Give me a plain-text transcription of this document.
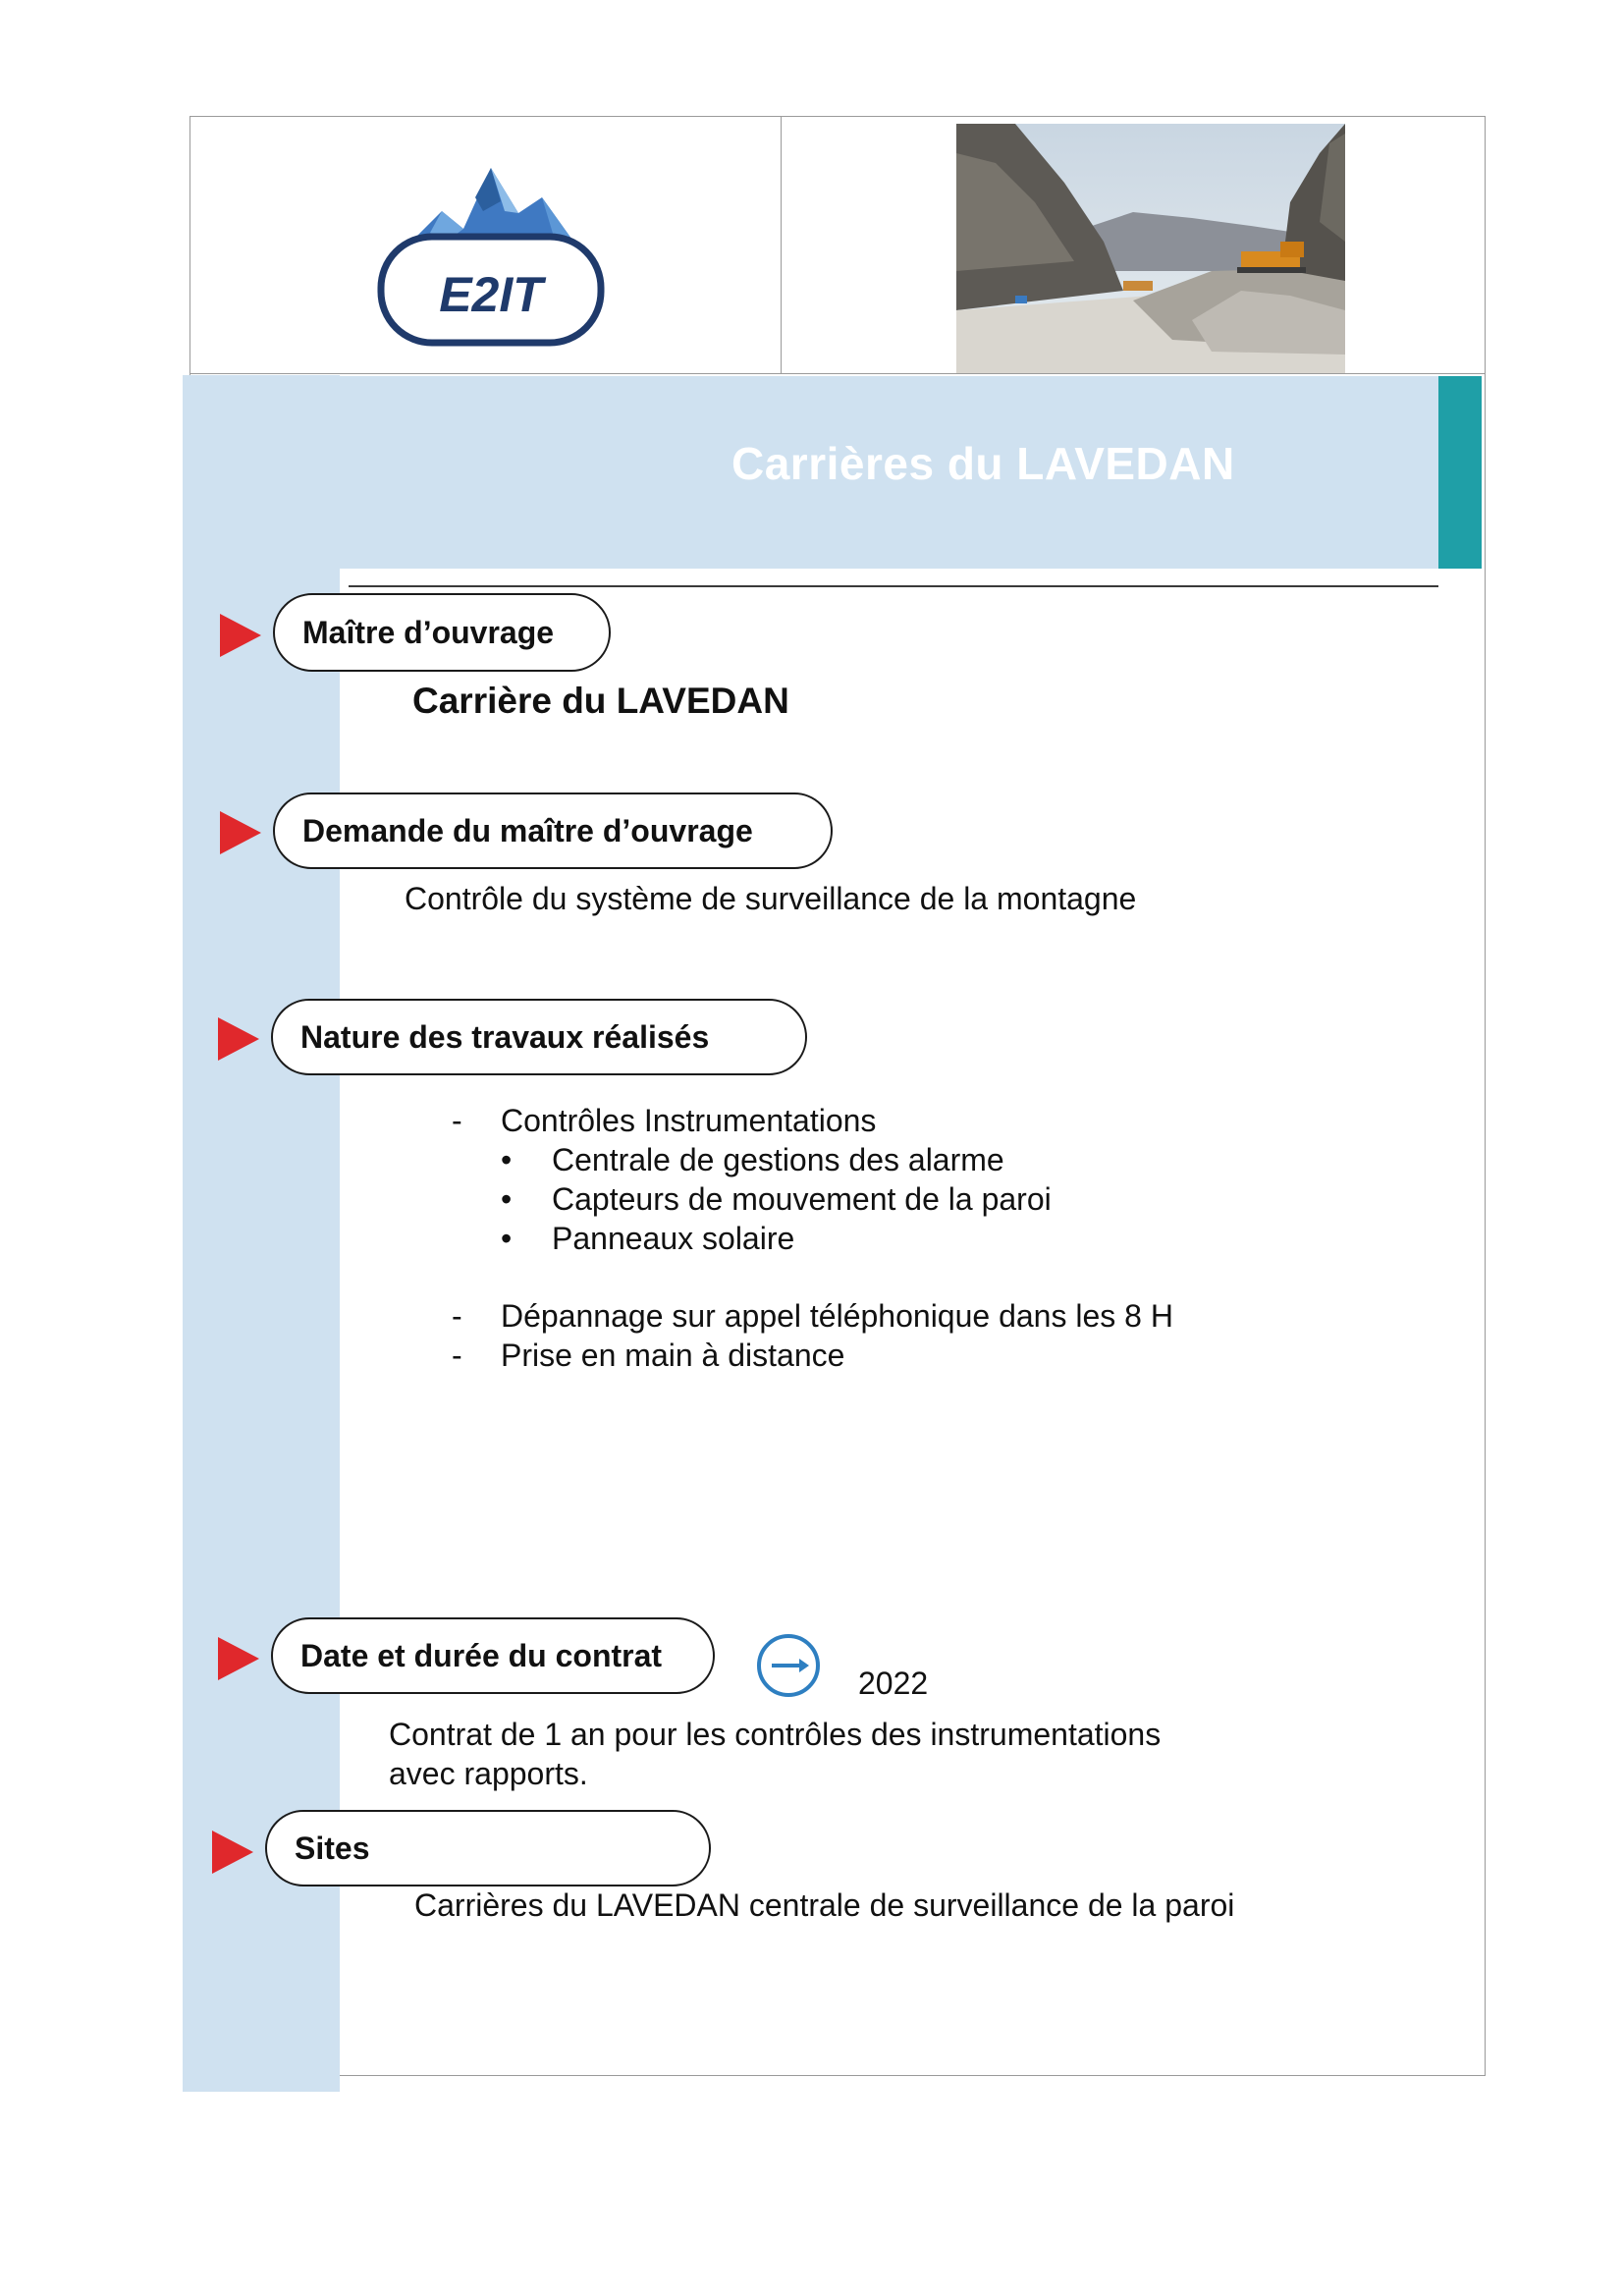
E2IT
Carrières du LAVEDAN
Maître d’ouvrage
Carrière du LAVEDAN
Demande du maître d’ouvrage
Contrôle du système de surveillance de la montagne
Nature des travaux réalisés
- Contrôles Instrumentations
• Centrale de gestions des alarme
• Capteurs de mouvement de la paroi
• Panneaux solaire
- Dépannage sur appel téléphonique dans les 8 H
- Prise en main à distance
Date et durée du contrat
2022
Contrat de 1 an pour les contrôles des instrumentations
avec rapports.
Sites
Carrières du LAVEDAN centrale de surveillance de la paroi
